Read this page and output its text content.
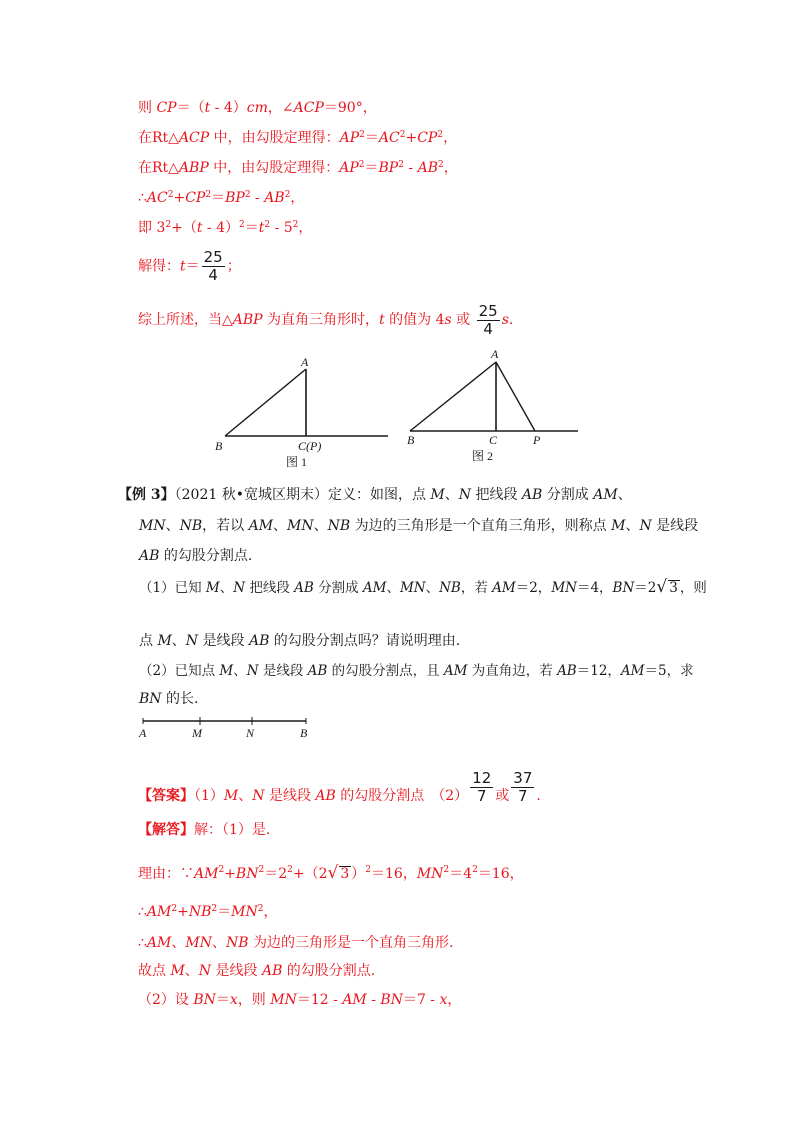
则 CP＝（t - 4）cm，∠ACP＝90°，
在Rt△ACP 中，由勾股定理得：$AP^2=AC^2+CP^2$，
在Rt△ABP 中，由勾股定理得：$AP^2=BP^2 - AB^2$，
$\therefore AC^2+CP^2=BP^2 - AB^2$，
即 $3^2+(t - 4)^2=t^2 - 5^2$，
解得：$t= \frac{25}{4}$ ；
综上所述，当△ABP 为直角三角形时，t 的值为 4s 或 $\frac{25}{4} s$.
A
B	C(P)
图 1
A
B	C	P
图 2
【例 3】（2021 秋•宽城区期末）定义：如图，点 M、N 把线段 AB 分割成 AM、
MN、NB，若以 AM、MN、NB 为边的三角形是一个直角三角形，则称点 M、N 是线段
AB 的勾股分割点.
（1）已知 M、N 把线段 AB 分割成 AM、MN、NB，若 AM＝2，MN＝4，BN＝2√ 3 ，则
点 M、N 是线段 AB 的勾股分割点吗？请说明理由.
（2）已知点 M、N 是线段 AB 的勾股分割点，且 AM 为直角边，若 AB＝12，AM＝5，求
BN 的长.
A	M	N	B
【答案】（1）M、N 是线段 AB 的勾股分割点　$(2) \frac{12}{7}$ 或 $\frac{37}{7}$ .
【解答】解：（1）是.
理由：$\because AM^2+BN^2=2^2+(2√$ 3 ）$^2$＝16，$MN^2=4^2=16$，
$\therefore AM^2+NB^2=MN^2$，
∴AM、MN、NB 为边的三角形是一个直角三角形.
故点 M、N 是线段 AB 的勾股分割点.
（2）设 BN＝x，则 MN＝12 - AM - BN＝7 - x，
